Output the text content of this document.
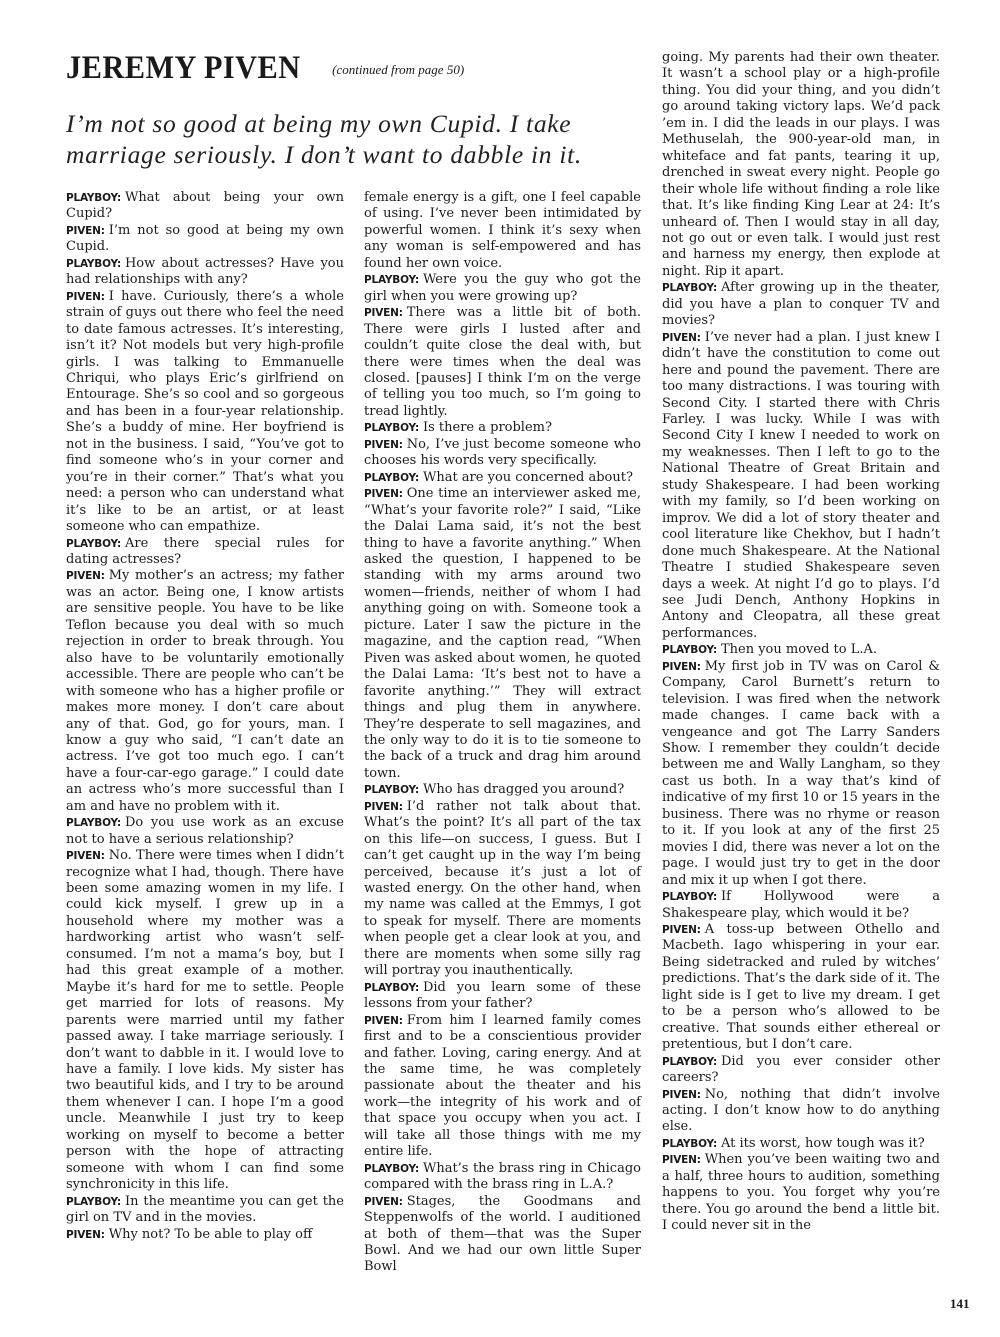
JEREMY PIVEN $^{(continued from page 50)}$
I’m not so good at being my own Cupid. I take marriage seriously. I don’t want to dabble in it.

PLAYBOY: What about being your own Cupid?

PIVEN: I’m not so good at being my own Cupid.

PLAYBOY: How about actresses? Have you had relationships with any?

PIVEN: I have. Curiously, there’s a whole strain of guys out there who feel the need to date famous actresses. It’s interesting, isn’t it? Not models but very high-profile girls. I was talking to Emmanuelle Chriqui, who plays Eric’s girlfriend on Entourage. She’s so cool and so gorgeous and has been in a four-year relationship. She’s a buddy of mine. Her boyfriend is not in the business. I said, “You’ve got to find someone who’s in your corner and you’re in their corner.” That’s what you need: a person who can understand what it’s like to be an artist, or at least someone who can empathize.

PLAYBOY: Are there special rules for dating actresses?

PIVEN: My mother’s an actress; my father was an actor. Being one, I know artists are sensitive people. You have to be like Teflon because you deal with so much rejection in order to break through. You also have to be voluntarily emotionally accessible. There are people who can’t be with someone who has a higher profile or makes more money. I don’t care about any of that. God, go for yours, man. I know a guy who said, “I can’t date an actress. I’ve got too much ego. I can’t have a four-car-ego garage.” I could date an actress who’s more successful than I am and have no problem with it.

PLAYBOY: Do you use work as an excuse not to have a serious relationship?

PIVEN: No. There were times when I didn’t recognize what I had, though. There have been some amazing women in my life. I could kick myself. I grew up in a household where my mother was a hardworking artist who wasn’t self-consumed. I’m not a mama’s boy, but I had this great example of a mother. Maybe it’s hard for me to settle. People get married for lots of reasons. My parents were married until my father passed away. I take marriage seriously. I don’t want to dabble in it. I would love to have a family. I love kids. My sister has two beautiful kids, and I try to be around them whenever I can. I hope I’m a good uncle. Meanwhile I just try to keep working on myself to become a better person with the hope of attracting someone with whom I can find some synchronicity in this life.

PLAYBOY: In the meantime you can get the girl on TV and in the movies.

PIVEN: Why not? To be able to play off

female energy is a gift, one I feel capable of using. I’ve never been intimidated by powerful women. I think it’s sexy when any woman is self-empowered and has found her own voice.

PLAYBOY: Were you the guy who got the girl when you were growing up?

PIVEN: There was a little bit of both. There were girls I lusted after and couldn’t quite close the deal with, but there were times when the deal was closed. [pauses] I think I’m on the verge of telling you too much, so I’m going to tread lightly.

PLAYBOY: Is there a problem?

PIVEN: No, I’ve just become someone who chooses his words very specifically.

PLAYBOY: What are you concerned about?

PIVEN: One time an interviewer asked me, “What’s your favorite role?” I said, “Like the Dalai Lama said, it’s not the best thing to have a favorite anything.” When asked the question, I happened to be standing with my arms around two women—friends, neither of whom I had anything going on with. Someone took a picture. Later I saw the picture in the magazine, and the caption read, “When Piven was asked about women, he quoted the Dalai Lama: ‘It’s best not to have a favorite anything.’” They will extract things and plug them in anywhere. They’re desperate to sell magazines, and the only way to do it is to tie someone to the back of a truck and drag him around town.

PLAYBOY: Who has dragged you around?

PIVEN: I’d rather not talk about that. What’s the point? It’s all part of the tax on this life—on success, I guess. But I can’t get caught up in the way I’m being perceived, because it’s just a lot of wasted energy. On the other hand, when my name was called at the Emmys, I got to speak for myself. There are moments when people get a clear look at you, and there are moments when some silly rag will portray you inauthentically.

PLAYBOY: Did you learn some of these lessons from your father?

PIVEN: From him I learned family comes first and to be a conscientious provider and father. Loving, caring energy. And at the same time, he was completely passionate about the theater and his work—the integrity of his work and of that space you occupy when you act. I will take all those things with me my entire life.

PLAYBOY: What’s the brass ring in Chicago compared with the brass ring in L.A.?

PIVEN: Stages, the Goodmans and Steppenwolfs of the world. I auditioned at both of them—that was the Super Bowl. And we had our own little Super Bowl

going. My parents had their own theater. It wasn’t a school play or a high-profile thing. You did your thing, and you didn’t go around taking victory laps. We’d pack ’em in. I did the leads in our plays. I was Methuselah, the 900-year-old man, in whiteface and fat pants, tearing it up, drenched in sweat every night. People go their whole life without finding a role like that. It’s like finding King Lear at 24: It’s unheard of. Then I would stay in all day, not go out or even talk. I would just rest and harness my energy, then explode at night. Rip it apart.

PLAYBOY: After growing up in the theater, did you have a plan to conquer TV and movies?

PIVEN: I’ve never had a plan. I just knew I didn’t have the constitution to come out here and pound the pavement. There are too many distractions. I was touring with Second City. I started there with Chris Farley. I was lucky. While I was with Second City I knew I needed to work on my weaknesses. Then I left to go to the National Theatre of Great Britain and study Shakespeare. I had been working with my family, so I’d been working on improv. We did a lot of story theater and cool literature like Chekhov, but I hadn’t done much Shakespeare. At the National Theatre I studied Shakespeare seven days a week. At night I’d go to plays. I’d see Judi Dench, Anthony Hopkins in Antony and Cleopatra, all these great performances.

PLAYBOY: Then you moved to L.A.

PIVEN: My first job in TV was on Carol & Company, Carol Burnett’s return to television. I was fired when the network made changes. I came back with a vengeance and got The Larry Sanders Show. I remember they couldn’t decide between me and Wally Langham, so they cast us both. In a way that’s kind of indicative of my first 10 or 15 years in the business. There was no rhyme or reason to it. If you look at any of the first 25 movies I did, there was never a lot on the page. I would just try to get in the door and mix it up when I got there.

PLAYBOY: If Hollywood were a Shakespeare play, which would it be?

PIVEN: A toss-up between Othello and Macbeth. Iago whispering in your ear. Being sidetracked and ruled by witches’ predictions. That’s the dark side of it. The light side is I get to live my dream. I get to be a person who’s allowed to be creative. That sounds either ethereal or pretentious, but I don’t care.

PLAYBOY: Did you ever consider other careers?

PIVEN: No, nothing that didn’t involve acting. I don’t know how to do anything else.

PLAYBOY: At its worst, how tough was it?

PIVEN: When you’ve been waiting two and a half, three hours to audition, something happens to you. You forget why you’re there. You go around the bend a little bit. I could never sit in the

141
